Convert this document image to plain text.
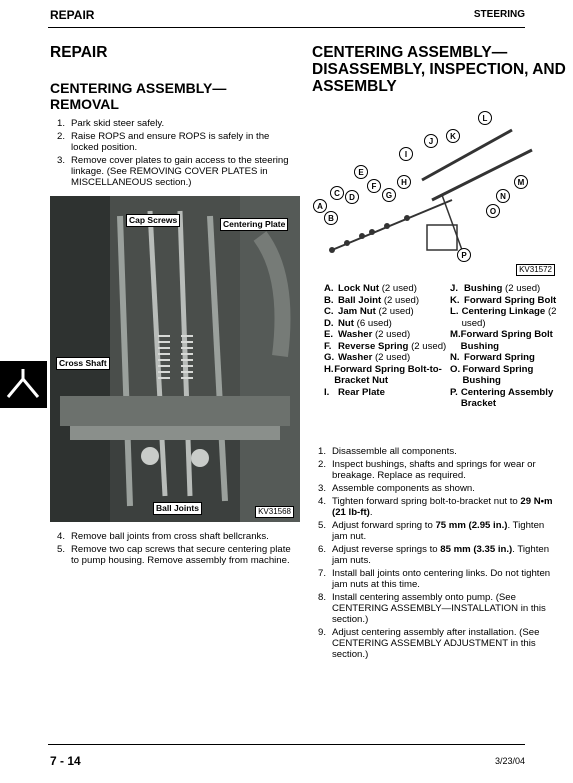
REPAIR	STEERING
REPAIR
CENTERING ASSEMBLY—
REMOVAL
1. Park skid steer safely.
2. Raise ROPS and ensure ROPS is safely in the locked position.
3. Remove cover plates to gain access to the steering linkage. (See REMOVING COVER PLATES in MISCELLANEOUS section.)
Cap Screws	Centering Plate
Cross Shaft
Ball Joints	KV31568
4. Remove ball joints from cross shaft bellcranks.
5. Remove two cap screws that secure centering plate to pump housing. Remove assembly from machine.
CENTERING ASSEMBLY—
DISASSEMBLY, INSPECTION, AND
ASSEMBLY
A
B
C D
E
F
G
H
I
J
K
L
M
N
O
P
KV31572
A. Lock Nut (2 used)
B. Ball Joint (2 used)
C. Jam Nut (2 used)
D. Nut (6 used)
E. Washer (2 used)
F. Reverse Spring (2 used)
G. Washer (2 used)
H. Forward Spring Bolt-to-Bracket Nut
I. Rear Plate
J. Bushing (2 used)
K. Forward Spring Bolt
L. Centering Linkage (2 used)
M. Forward Spring Bolt Bushing
N. Forward Spring
O. Forward Spring Bushing
P. Centering Assembly Bracket
1. Disassemble all components.
2. Inspect bushings, shafts and springs for wear or breakage. Replace as required.
3. Assemble components as shown.
4. Tighten forward spring bolt-to-bracket nut to 29 N•m (21 lb-ft).
5. Adjust forward spring to 75 mm (2.95 in.). Tighten jam nut.
6. Adjust reverse springs to 85 mm (3.35 in.). Tighten jam nuts.
7. Install ball joints onto centering links. Do not tighten jam nuts at this time.
8. Install centering assembly onto pump. (See CENTERING ASSEMBLY—INSTALLATION in this section.)
9. Adjust centering assembly after installation. (See CENTERING ASSEMBLY ADJUSTMENT in this section.)
7 - 14	3/23/04
